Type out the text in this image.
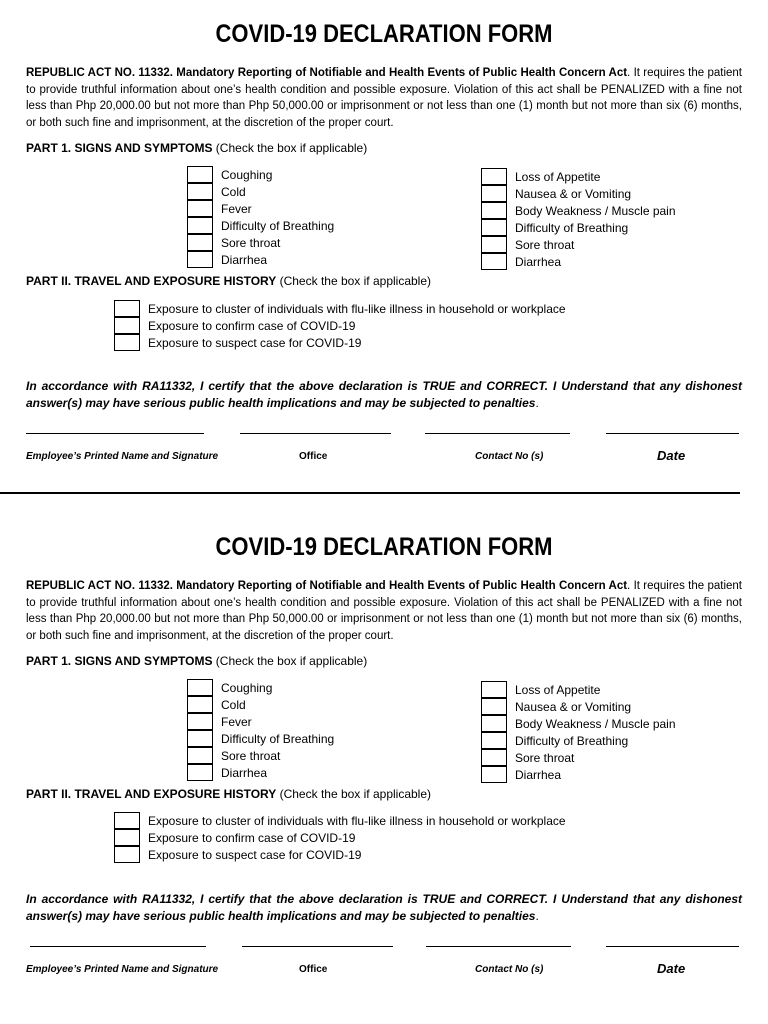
COVID-19 DECLARATION FORM
REPUBLIC ACT NO. 11332. Mandatory Reporting of Notifiable and Health Events of Public Health Concern Act. It requires the patient to provide truthful information about one’s health condition and possible exposure. Violation of this act shall be PENALIZED with a fine not less than Php 20,000.00 but not more than Php 50,000.00 or imprisonment or not less than one (1) month but not more than six (6) months, or both such fine and imprisonment, at the discretion of the proper court.
PART 1. SIGNS AND SYMPTOMS (Check the box if applicable)
Coughing
Cold
Fever
Difficulty of Breathing
Sore throat
Diarrhea
Loss of Appetite
Nausea & or Vomiting
Body Weakness / Muscle pain
Difficulty of Breathing
Sore throat
Diarrhea
PART II. TRAVEL AND EXPOSURE HISTORY (Check the box if applicable)
Exposure to cluster of individuals with flu-like illness in household or workplace
Exposure to confirm case of COVID-19
Exposure to suspect case for COVID-19
In accordance with RA11332, I certify that the above declaration is TRUE and CORRECT. I Understand that any dishonest answer(s) may have serious public health implications and may be subjected to penalties.
Employee’s Printed Name and Signature	Office	Contact No (s)	Date
COVID-19 DECLARATION FORM
REPUBLIC ACT NO. 11332. Mandatory Reporting of Notifiable and Health Events of Public Health Concern Act. It requires the patient to provide truthful information about one’s health condition and possible exposure. Violation of this act shall be PENALIZED with a fine not less than Php 20,000.00 but not more than Php 50,000.00 or imprisonment or not less than one (1) month but not more than six (6) months, or both such fine and imprisonment, at the discretion of the proper court.
PART 1. SIGNS AND SYMPTOMS (Check the box if applicable)
Coughing
Cold
Fever
Difficulty of Breathing
Sore throat
Diarrhea
Loss of Appetite
Nausea & or Vomiting
Body Weakness / Muscle pain
Difficulty of Breathing
Sore throat
Diarrhea
PART II. TRAVEL AND EXPOSURE HISTORY (Check the box if applicable)
Exposure to cluster of individuals with flu-like illness in household or workplace
Exposure to confirm case of COVID-19
Exposure to suspect case for COVID-19
In accordance with RA11332, I certify that the above declaration is TRUE and CORRECT. I Understand that any dishonest answer(s) may have serious public health implications and may be subjected to penalties.
Employee’s Printed Name and Signature	Office	Contact No (s)	Date
